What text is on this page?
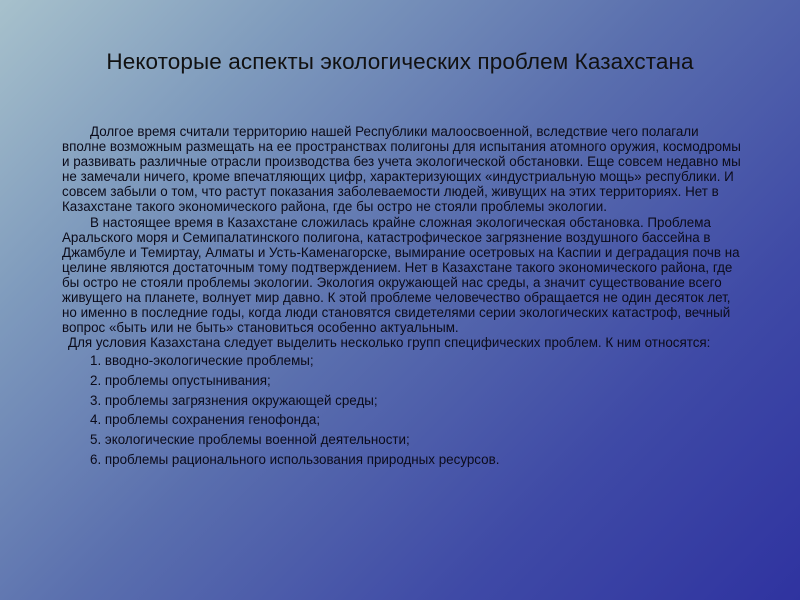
Некоторые аспекты экологических проблем Казахстана

Долгое время считали территорию нашей Республики малоосвоенной, вследствие чего полагали вполне возможным размещать на ее пространствах полигоны для испытания атомного оружия, космодромы и развивать различные отрасли производства без учета экологической обстановки. Еще совсем недавно мы не замечали ничего, кроме впечатляющих цифр, характеризующих «индустриальную мощь» республики. И совсем забыли о том, что растут показания заболеваемости людей, живущих на этих территориях. Нет в Казахстане такого экономического района, где бы остро не стояли проблемы экологии.

В настоящее время в Казахстане сложилась крайне сложная экологическая обстановка. Проблема Аральского моря и Семипалатинского полигона, катастрофическое загрязнение воздушного бассейна в Джамбуле и Темиртау, Алматы и Усть-Каменагорске, вымирание осетровых на Каспии и деградация почв на целине являются достаточным тому подтверждением. Нет в Казахстане такого экономического района, где бы остро не стояли проблемы экологии. Экология окружающей нас среды, а значит существование всего живущего на планете, волнует мир давно. К этой проблеме человечество обращается не один десяток лет, но именно в последние годы, когда люди становятся свидетелями серии экологических катастроф, вечный вопрос «быть или не быть» становиться особенно актуальным.

Для условия Казахстана следует выделить несколько групп специфических проблем. К ним относятся:

1. вводно-экологические проблемы;
2. проблемы опустынивания;
3. проблемы загрязнения окружающей среды;
4. проблемы сохранения генофонда;
5. экологические проблемы военной деятельности;
6. проблемы рационального использования природных ресурсов.
